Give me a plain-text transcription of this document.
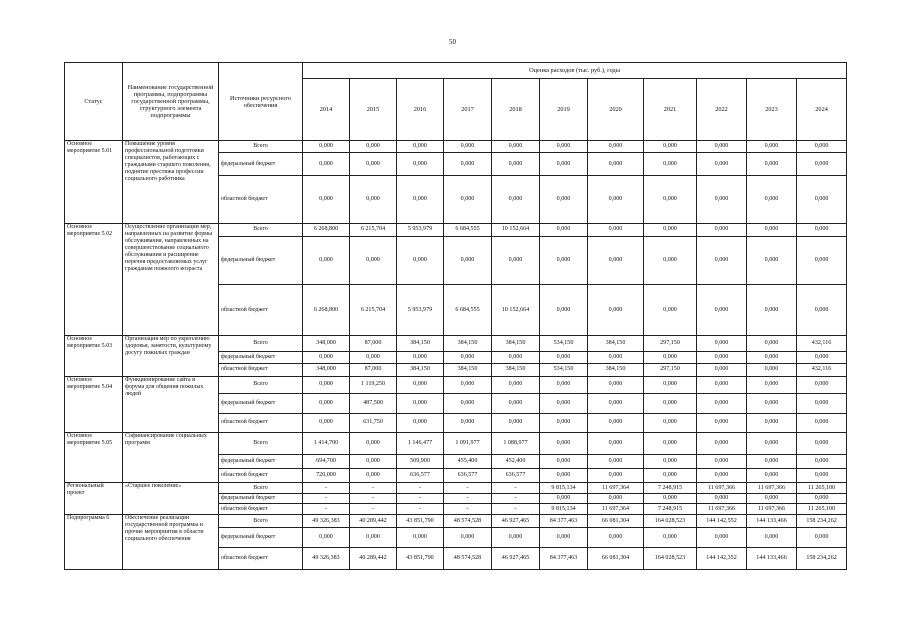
50
Статус	Наименование государственной программы, подпрограммы государственной программы, структурного элемента подпрограммы	Источники ресурсного обеспечения	Оценка расходов (тыс. руб.), годы										
			2014	2015	2016	2017	2018	2019	2020	2021	2022	2023	2024
Основное мероприятие 5.01	Повышение уровня профессиональной подготовки специалистов, работающих с гражданами старшего поколения, поднятие престижа профессии социального работника	Всего	0,000	0,000	0,000	0,000	0,000	0,000	0,000	0,000	0,000	0,000	0,000
		федеральный бюджет	0,000	0,000	0,000	0,000	0,000	0,000	0,000	0,000	0,000	0,000	0,000
		областной бюджет	0,000	0,000	0,000	0,000	0,000	0,000	0,000	0,000	0,000	0,000	0,000
Основное мероприятие 5.02	Осуществление организации мер, направленных на развитие формы обслуживания, направленных на совершенствование социального обслуживания и расширение перечня предоставляемых услуг гражданам пожилого возраста	Всего	6 268,800	6 215,704	5 953,979	6 684,555	10 152,664	0,000	0,000	0,000	0,000	0,000	0,000
		федеральный бюджет	0,000	0,000	0,000	0,000	0,000	0,000	0,000	0,000	0,000	0,000	0,000
		областной бюджет	6 268,800	6 215,704	5 953,979	6 684,555	10 152,664	0,000	0,000	0,000	0,000	0,000	0,000
Основное мероприятие 5.03	Организация мер по укреплению здоровья, занятости, культурному досугу пожилых граждан	Всего	348,000	87,000	384,150	384,150	384,150	534,150	384,150	297,150	0,000	0,000	432,116
		федеральный бюджет	0,000	0,000	0,000	0,000	0,000	0,000	0,000	0,000	0,000	0,000	0,000
		областной бюджет	348,000	87,000	384,150	384,150	384,150	534,150	384,150	297,150	0,000	0,000	432,116
Основное мероприятие 5.04	Функционирование сайта и форума для общения пожилых людей	Всего	0,000	1 119,250	0,000	0,000	0,000	0,000	0,000	0,000	0,000	0,000	0,000
		федеральный бюджет	0,000	487,500	0,000	0,000	0,000	0,000	0,000	0,000	0,000	0,000	0,000
		областной бюджет	0,000	631,750	0,000	0,000	0,000	0,000	0,000	0,000	0,000	0,000	0,000
Основное мероприятие 5.05	Софинансирование социальных программ	Всего	1 414,700	0,000	1 146,477	1 091,977	1 088,977	0,000	0,000	0,000	0,000	0,000	0,000
		федеральный бюджет	694,700	0,000	509,900	455,400	452,400	0,000	0,000	0,000	0,000	0,000	0,000
		областной бюджет	720,000	0,000	636,577	636,577	636,577	0,000	0,000	0,000	0,000	0,000	0,000
Региональный проект	«Старшее поколение»	Всего	-	-	-	-	-	9 815,134	11 697,364	7 248,915	11 697,366	11 697,366	11 265,100
		федеральный бюджет	-	-	-	-	-	0,000	0,000	0,000	0,000	0,000	0,000
		областной бюджет	-	-	-	-	-	9 815,134	11 697,364	7 248,915	11 697,366	11 697,366	11 265,100
Подпрограмма 6	Обеспечение реализации государственной программы и прочие мероприятия в области социального обеспечения	Всего	49 326,383	40 289,442	43 851,790	48 574,528	46 927,465	84 377,463	66 081,304	164 028,523	144 142,552	144 133,466	158 234,262
		федеральный бюджет	0,000	0,000	0,000	0,000	0,000	0,000	0,000	0,000	0,000	0,000	0,000
		областной бюджет	49 326,383	40 289,442	43 851,790	48 574,528	46 927,465	84 377,463	66 081,304	164 028,523	144 142,352	144 133,466	158 234,262
